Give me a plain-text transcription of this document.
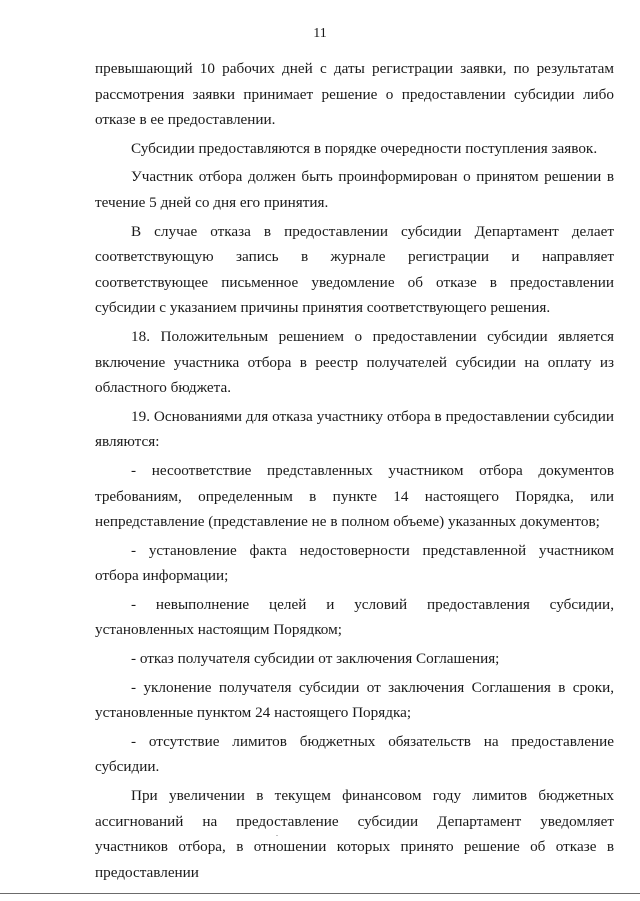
11

превышающий 10 рабочих дней с даты регистрации заявки, по результатам рассмотрения заявки принимает решение о предоставлении субсидии либо отказе в ее предоставлении.

Субсидии предоставляются в порядке очередности поступления заявок.

Участник отбора должен быть проинформирован о принятом решении в течение 5 дней со дня его принятия.

В случае отказа в предоставлении субсидии Департамент делает соответствующую запись в журнале регистрации и направляет соответствующее письменное уведомление об отказе в предоставлении субсидии с указанием причины принятия соответствующего решения.

18. Положительным решением о предоставлении субсидии является включение участника отбора в реестр получателей субсидии на оплату из областного бюджета.

19. Основаниями для отказа участнику отбора в предоставлении субсидии являются:

- несоответствие представленных участником отбора документов требованиям, определенным в пункте 14 настоящего Порядка, или непредставление (представление не в полном объеме) указанных документов;

- установление факта недостоверности представленной участником отбора информации;

- невыполнение целей и условий предоставления субсидии, установленных настоящим Порядком;

- отказ получателя субсидии от заключения Соглашения;

- уклонение получателя субсидии от заключения Соглашения в сроки, установленные пунктом 24 настоящего Порядка;

- отсутствие лимитов бюджетных обязательств на предоставление субсидии.

При увеличении в текущем финансовом году лимитов бюджетных ассигнований на предоставление субсидии Департамент уведомляет участников отбора, в отношении которых принято решение об отказе в предоставлении
